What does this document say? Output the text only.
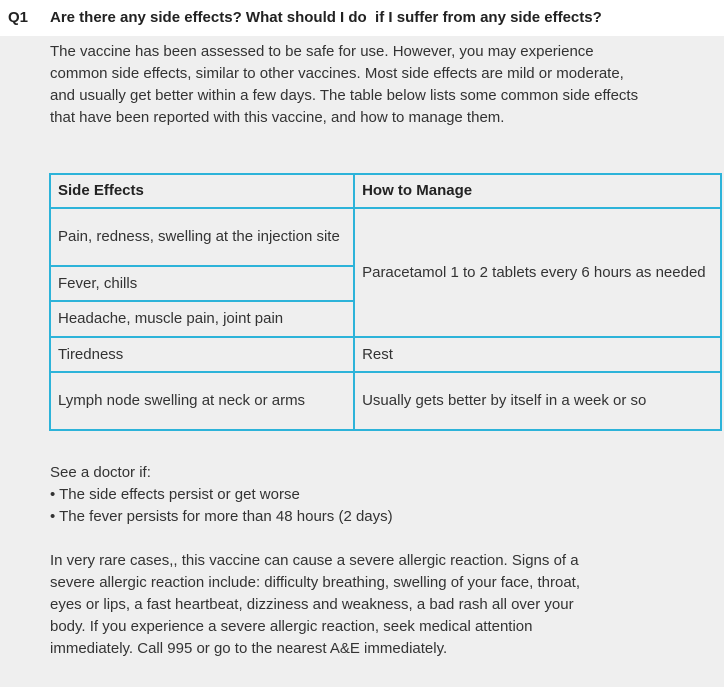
Q1 Are there any side effects? What should I do  if I suffer from any side effects?

The vaccine has been assessed to be safe for use. However, you may experience common side effects, similar to other vaccines. Most side effects are mild or moderate, and usually get better within a few days. The table below lists some common side effects that have been reported with this vaccine, and how to manage them.

Side Effects	How to Manage
Pain, redness, swelling at the injection site	Paracetamol 1 to 2 tablets every 6 hours as needed
Fever, chills	
Headache, muscle pain, joint pain	
Tiredness	Rest
Lymph node swelling at neck or arms	Usually gets better by itself in a week or so

See a doctor if:

• The side effects persist or get worse

• The fever persists for more than 48 hours (2 days)

In very rare cases,, this vaccine can cause a severe allergic reaction. Signs of a severe allergic reaction include: difficulty breathing, swelling of your face, throat, eyes or lips, a fast heartbeat, dizziness and weakness, a bad rash all over your body. If you experience a severe allergic reaction, seek medical attention immediately. Call 995 or go to the nearest A&E immediately.
